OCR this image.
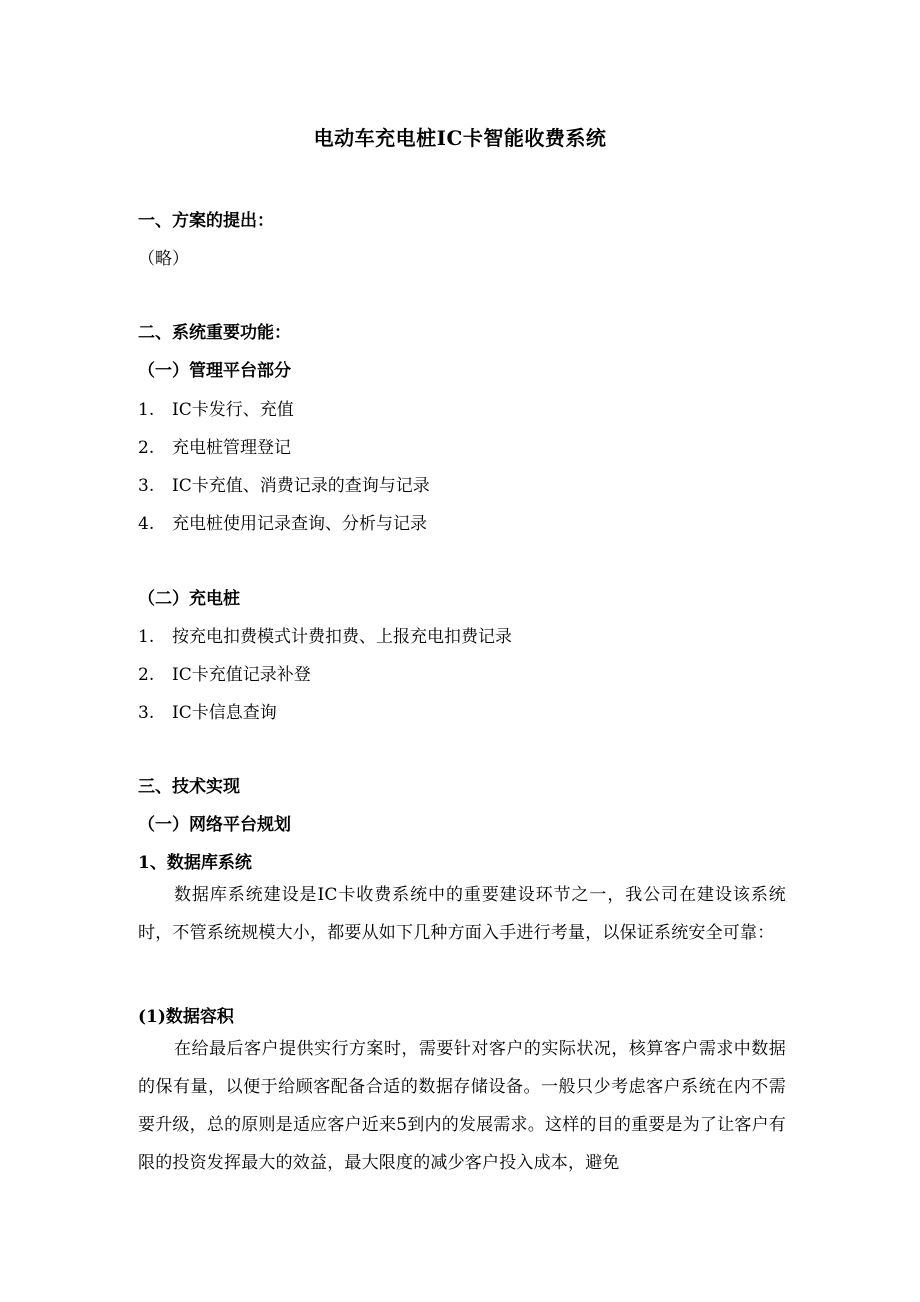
电动车充电桩IC卡智能收费系统
一、方案的提出：
（略）
二、系统重要功能：
（一）管理平台部分
1. IC卡发行、充值
2. 充电桩管理登记
3. IC卡充值、消费记录的查询与记录
4. 充电桩使用记录查询、分析与记录
（二）充电桩
1. 按充电扣费模式计费扣费、上报充电扣费记录
2. IC卡充值记录补登
3. IC卡信息查询
三、技术实现
（一）网络平台规划
1、数据库系统
数据库系统建设是IC卡收费系统中的重要建设环节之一，我公司在建设该系统时，不管系统规模大小，都要从如下几种方面入手进行考量，以保证系统安全可靠：
(1)数据容积
在给最后客户提供实行方案时，需要针对客户的实际状况，核算客户需求中数据的保有量，以便于给顾客配备合适的数据存储设备。一般只少考虑客户系统在内不需要升级，总的原则是适应客户近来5到内的发展需求。这样的目的重要是为了让客户有限的投资发挥最大的效益，最大限度的减少客户投入成本，避免
